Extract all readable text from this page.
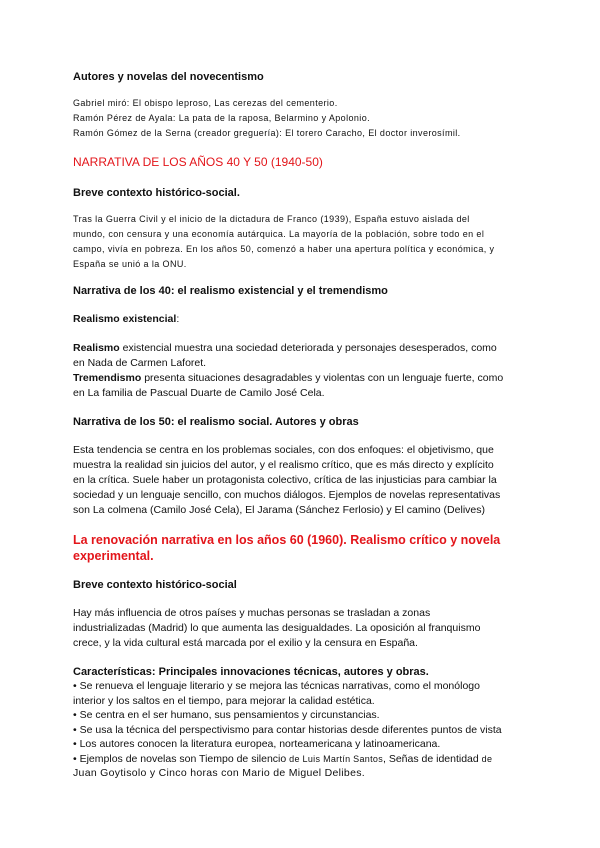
Autores y novelas del novecentismo

Gabriel miró: El obispo leproso, Las cerezas del cementerio.

Ramón Pérez de Ayala: La pata de la raposa, Belarmino y Apolonio.

Ramón Gómez de la Serna (creador greguería): El torero Caracho, El doctor inverosímil.

NARRATIVA DE LOS AÑOS 40 Y 50 (1940-50)

Breve contexto histórico-social.

Tras la Guerra Civil y el inicio de la dictadura de Franco (1939), España estuvo aislada del

mundo, con censura y una economía autárquica. La mayoría de la población, sobre todo en el

campo, vivía en pobreza. En los años 50, comenzó a haber una apertura política y económica, y

España se unió a la ONU.

Narrativa de los 40: el realismo existencial y el tremendismo

Realismo existencial:

Realismo existencial muestra una sociedad deteriorada y personajes desesperados, como

en Nada de Carmen Laforet.

Tremendismo presenta situaciones desagradables y violentas con un lenguaje fuerte, como

en La familia de Pascual Duarte de Camilo José Cela.

Narrativa de los 50: el realismo social. Autores y obras

Esta tendencia se centra en los problemas sociales, con dos enfoques: el objetivismo, que

muestra la realidad sin juicios del autor, y el realismo crítico, que es más directo y explícito

en la crítica. Suele haber un protagonista colectivo, crítica de las injusticias para cambiar la

sociedad y un lenguaje sencillo, con muchos diálogos. Ejemplos de novelas representativas

son La colmena (Camilo José Cela), El Jarama (Sánchez Ferlosio) y El camino (Delives)

La renovación narrativa en los años 60 (1960). Realismo crítico y novela

experimental.

Breve contexto histórico-social

Hay más influencia de otros países y muchas personas se trasladan a zonas

industrializadas (Madrid) lo que aumenta las desigualdades. La oposición al franquismo

crece, y la vida cultural está marcada por el exilio y la censura en España.

Características: Principales innovaciones técnicas, autores y obras.

• Se renueva el lenguaje literario y se mejora las técnicas narrativas, como el monólogo
interior y los saltos en el tiempo, para mejorar la calidad estética.
• Se centra en el ser humano, sus pensamientos y circunstancias.
• Se usa la técnica del perspectivismo para contar historias desde diferentes puntos de vista
• Los autores conocen la literatura europea, norteamericana y latinoamericana.
• Ejemplos de novelas son Tiempo de silencio de Luis Martín Santos, Señas de identidad de
Juan Goytisolo y Cinco horas con Mario de Miguel Delibes.
